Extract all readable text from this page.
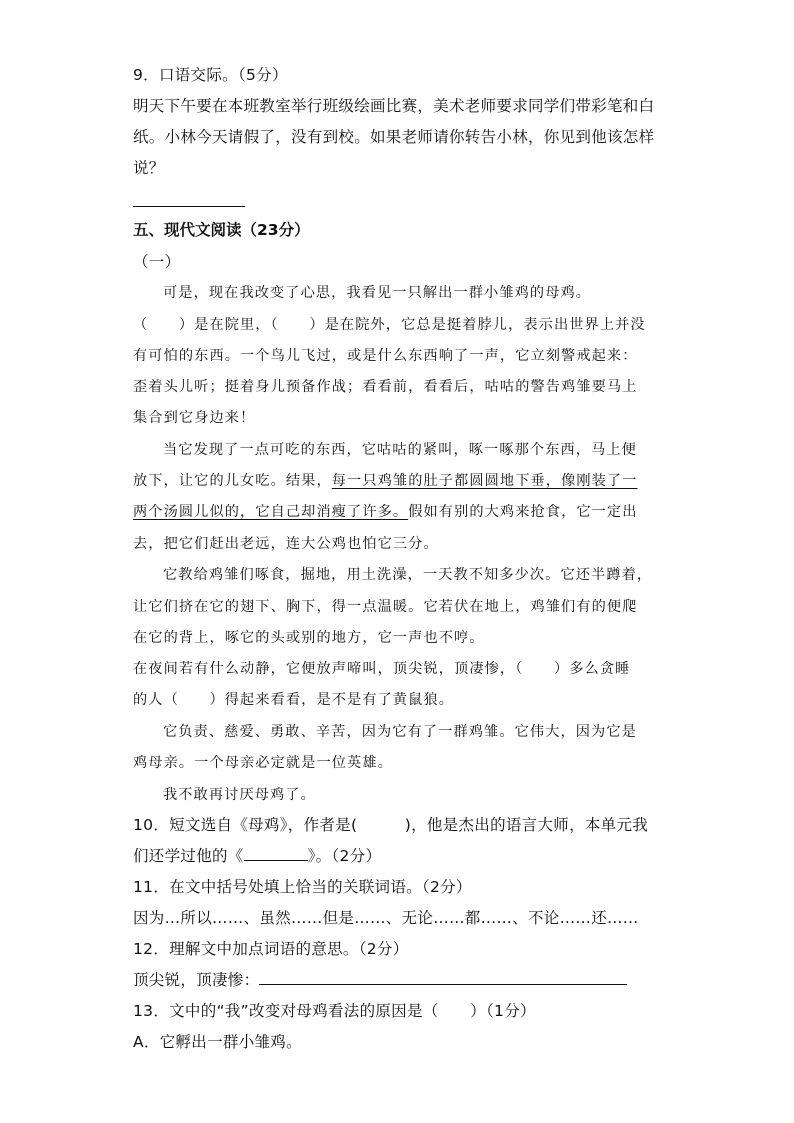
9．口语交际。（5分）
明天下午要在本班教室举行班级绘画比赛，美术老师要求同学们带彩笔和白
纸。小林今天请假了，没有到校。如果老师请你转告小林，你见到他该怎样
说？
五、现代文阅读（23分）
（一）
可是，现在我改变了心思，我看见一只解出一群小雏鸡的母鸡。
（　　）是在院里，（　　）是在院外，它总是挺着脖儿，表示出世界上并没
有可怕的东西。一个鸟儿飞过，或是什么东西响了一声，它立刻警戒起来：
歪着头儿听；挺着身儿预备作战；看看前，看看后，咕咕的警告鸡雏要马上
集合到它身边来！
当它发现了一点可吃的东西，它咕咕的紧叫，啄一啄那个东西，马上便
放下，让它的儿女吃。结果，每一只鸡雏的肚子都圆圆地下垂，像刚装了一
两个汤圆儿似的，它自己却消瘦了许多。假如有别的大鸡来抢食，它一定出
去，把它们赶出老远，连大公鸡也怕它三分。
它教给鸡雏们啄食，掘地，用土洗澡，一天教不知多少次。它还半蹲着，
让它们挤在它的翅下、胸下，得一点温暖。它若伏在地上，鸡雏们有的便爬
在它的背上，啄它的头或别的地方，它一声也不哼。
在夜间若有什么动静，它便放声啼叫，顶尖锐，顶凄惨，（　　）多么贪睡
的人（　　）得起来看看，是不是有了黄鼠狼。
它负责、慈爱、勇敢、辛苦，因为它有了一群鸡雏。它伟大，因为它是
鸡母亲。一个母亲必定就是一位英雄。
我不敢再讨厌母鸡了。
10．短文选自《母鸡》，作者是(　　　)，他是杰出的语言大师，本单元我
们还学过他的《	》。（2分）
11．在文中括号处填上恰当的关联词语。（2分）
因为…所以……、虽然……但是……、无论……都……、不论……还……
12．理解文中加点词语的意思。（2分）
顶尖锐，顶凄惨：
13．文中的“我”改变对母鸡看法的原因是（　　）（1分）
A．它孵出一群小雏鸡。
